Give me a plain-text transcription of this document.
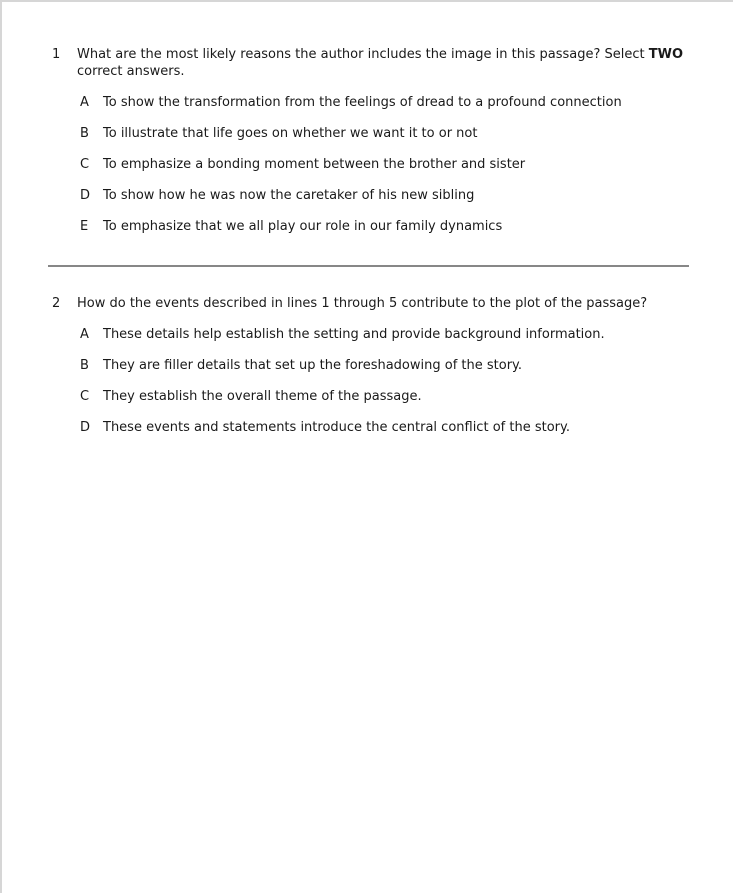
1	What are the most likely reasons the author includes the image in this passage? Select TWO correct answers.
A	To show the transformation from the feelings of dread to a profound connection
B	To illustrate that life goes on whether we want it to or not
C	To emphasize a bonding moment between the brother and sister
D To show how he was now the caretaker of his new sibling
E	To emphasize that we all play our role in our family dynamics
2	How do the events described in lines 1 through 5 contribute to the plot of the passage?
A	These details help establish the setting and provide background information.
B	They are filler details that set up the foreshadowing of the story.
C	They establish the overall theme of the passage.
D These events and statements introduce the central conflict of the story.
